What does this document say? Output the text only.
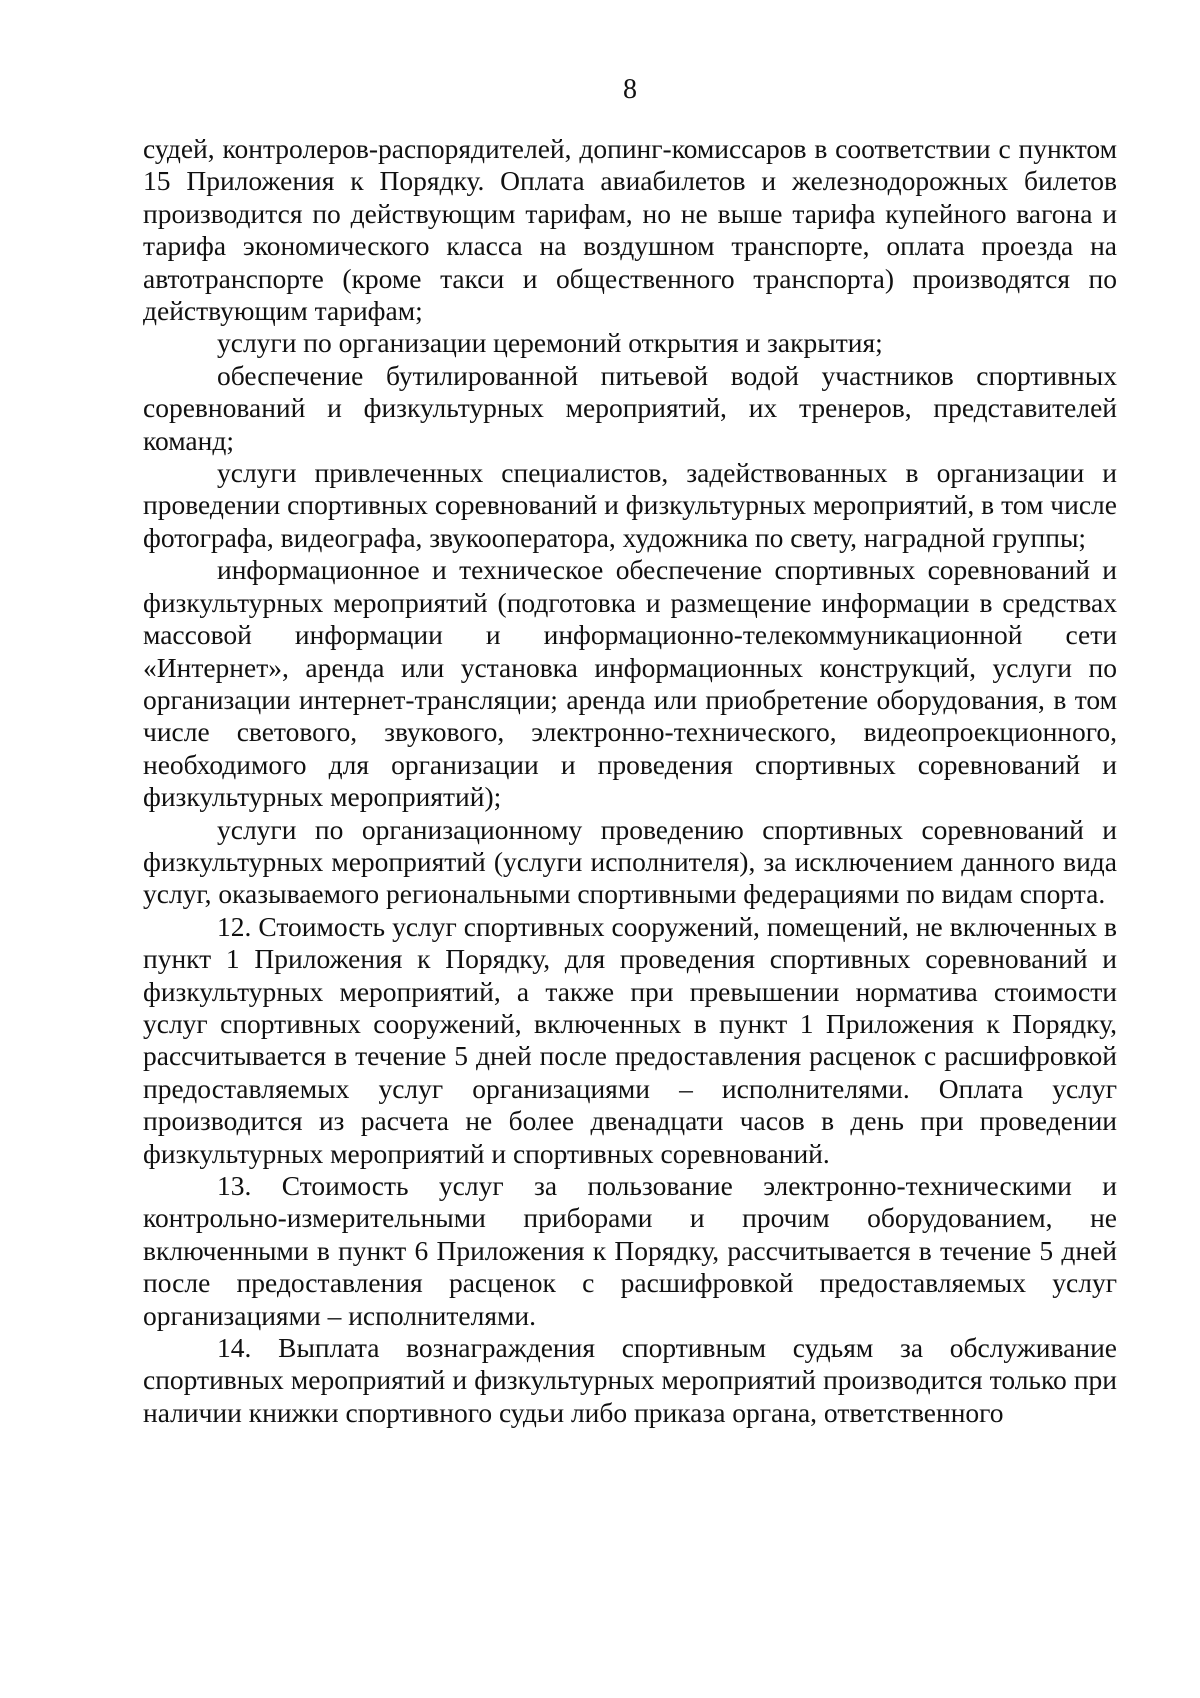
8

судей, контролеров-распорядителей, допинг-комиссаров в соответствии с пунктом 15 Приложения к Порядку. Оплата авиабилетов и железнодорожных билетов производится по действующим тарифам, но не выше тарифа купейного вагона и тарифа экономического класса на воздушном транспорте, оплата проезда на автотранспорте (кроме такси и общественного транспорта) производятся по действующим тарифам;

услуги по организации церемоний открытия и закрытия;

обеспечение бутилированной питьевой водой участников спортивных соревнований и физкультурных мероприятий, их тренеров, представителей команд;

услуги привлеченных специалистов, задействованных в организации и проведении спортивных соревнований и физкультурных мероприятий, в том числе фотографа, видеографа, звукооператора, художника по свету, наградной группы;

информационное и техническое обеспечение спортивных соревнований и физкультурных мероприятий (подготовка и размещение информации в средствах массовой информации и информационно-телекоммуникационной сети «Интернет», аренда или установка информационных конструкций, услуги по организации интернет-трансляции; аренда или приобретение оборудования, в том числе светового, звукового, электронно-технического, видеопроекционного, необходимого для организации и проведения спортивных соревнований и физкультурных мероприятий);

услуги по организационному проведению спортивных соревнований и физкультурных мероприятий (услуги исполнителя), за исключением данного вида услуг, оказываемого региональными спортивными федерациями по видам спорта.

12. Стоимость услуг спортивных сооружений, помещений, не включенных в пункт 1 Приложения к Порядку, для проведения спортивных соревнований и физкультурных мероприятий, а также при превышении норматива стоимости услуг спортивных сооружений, включенных в пункт 1 Приложения к Порядку, рассчитывается в течение 5 дней после предоставления расценок с расшифровкой предоставляемых услуг организациями – исполнителями. Оплата услуг производится из расчета не более двенадцати часов в день при проведении физкультурных мероприятий и спортивных соревнований.

13. Стоимость услуг за пользование электронно-техническими и контрольно-измерительными приборами и прочим оборудованием, не включенными в пункт 6 Приложения к Порядку, рассчитывается в течение 5 дней после предоставления расценок с расшифровкой предоставляемых услуг организациями – исполнителями.

14. Выплата вознаграждения спортивным судьям за обслуживание спортивных мероприятий и физкультурных мероприятий производится только при наличии книжки спортивного судьи либо приказа органа, ответственного
